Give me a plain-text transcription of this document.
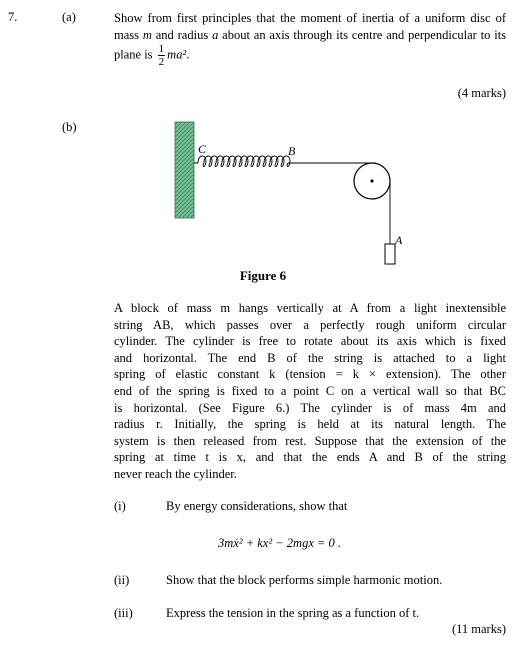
7.	(a)	Show from first principles that the moment of inertia of a uniform disc of mass m and radius a about an axis through its centre and perpendicular to its plane is $\frac{1}{2} ma^2$.
(4 marks)
(b)
C	B
A
Figure 6
A block of mass m hangs vertically at A from a light inextensible
string AB, which passes over a perfectly rough uniform circular
cylinder. The cylinder is free to rotate about its axis which is fixed
and horizontal. The end B of the string is attached to a light
spring of elastic constant k (tension = k × extension). The other
end of the spring is fixed to a point C on a vertical wall so that BC
is horizontal. (See Figure 6.) The cylinder is of mass 4m and
radius r. Initially, the spring is held at its natural length. The
system is then released from rest. Suppose that the extension of the
spring at time t is x, and that the ends A and B of the string
never reach the cylinder.
(i)	By energy considerations, show that
3mẋ² + kx² − 2mgx = 0 .
(ii)	Show that the block performs simple harmonic motion.
(iii)	Express the tension in the spring as a function of t.
(11 marks)
